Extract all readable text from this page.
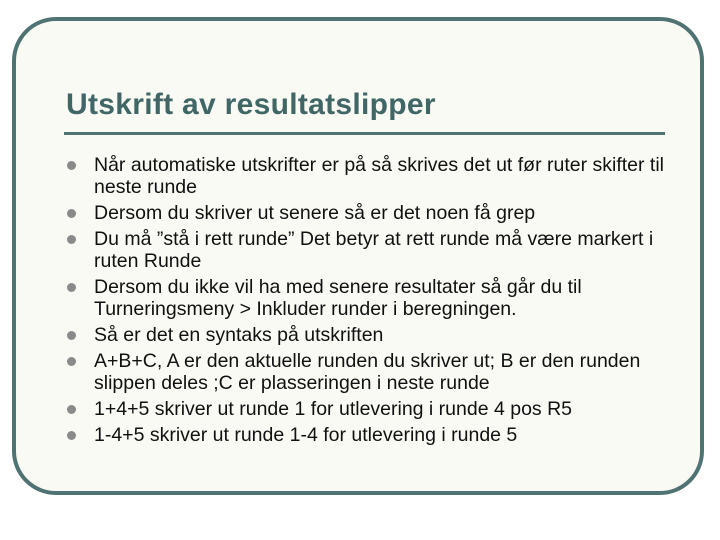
Utskrift av resultatslipper
Når automatiske utskrifter er på så skrives det ut før ruter skifter til neste runde
Dersom du skriver ut senere så er det noen få grep
Du må ”stå i rett runde” Det betyr at rett runde må være markert i ruten Runde
Dersom du ikke vil ha med senere resultater så går du til Turneringsmeny > Inkluder runder i beregningen.
Så er det en syntaks på utskriften
A+B+C, A er den aktuelle runden du skriver ut; B er den runden slippen deles ;C er plasseringen i neste runde
1+4+5 skriver ut runde 1 for utlevering i runde 4 pos R5
1-4+5 skriver ut runde 1-4 for utlevering i runde 5
